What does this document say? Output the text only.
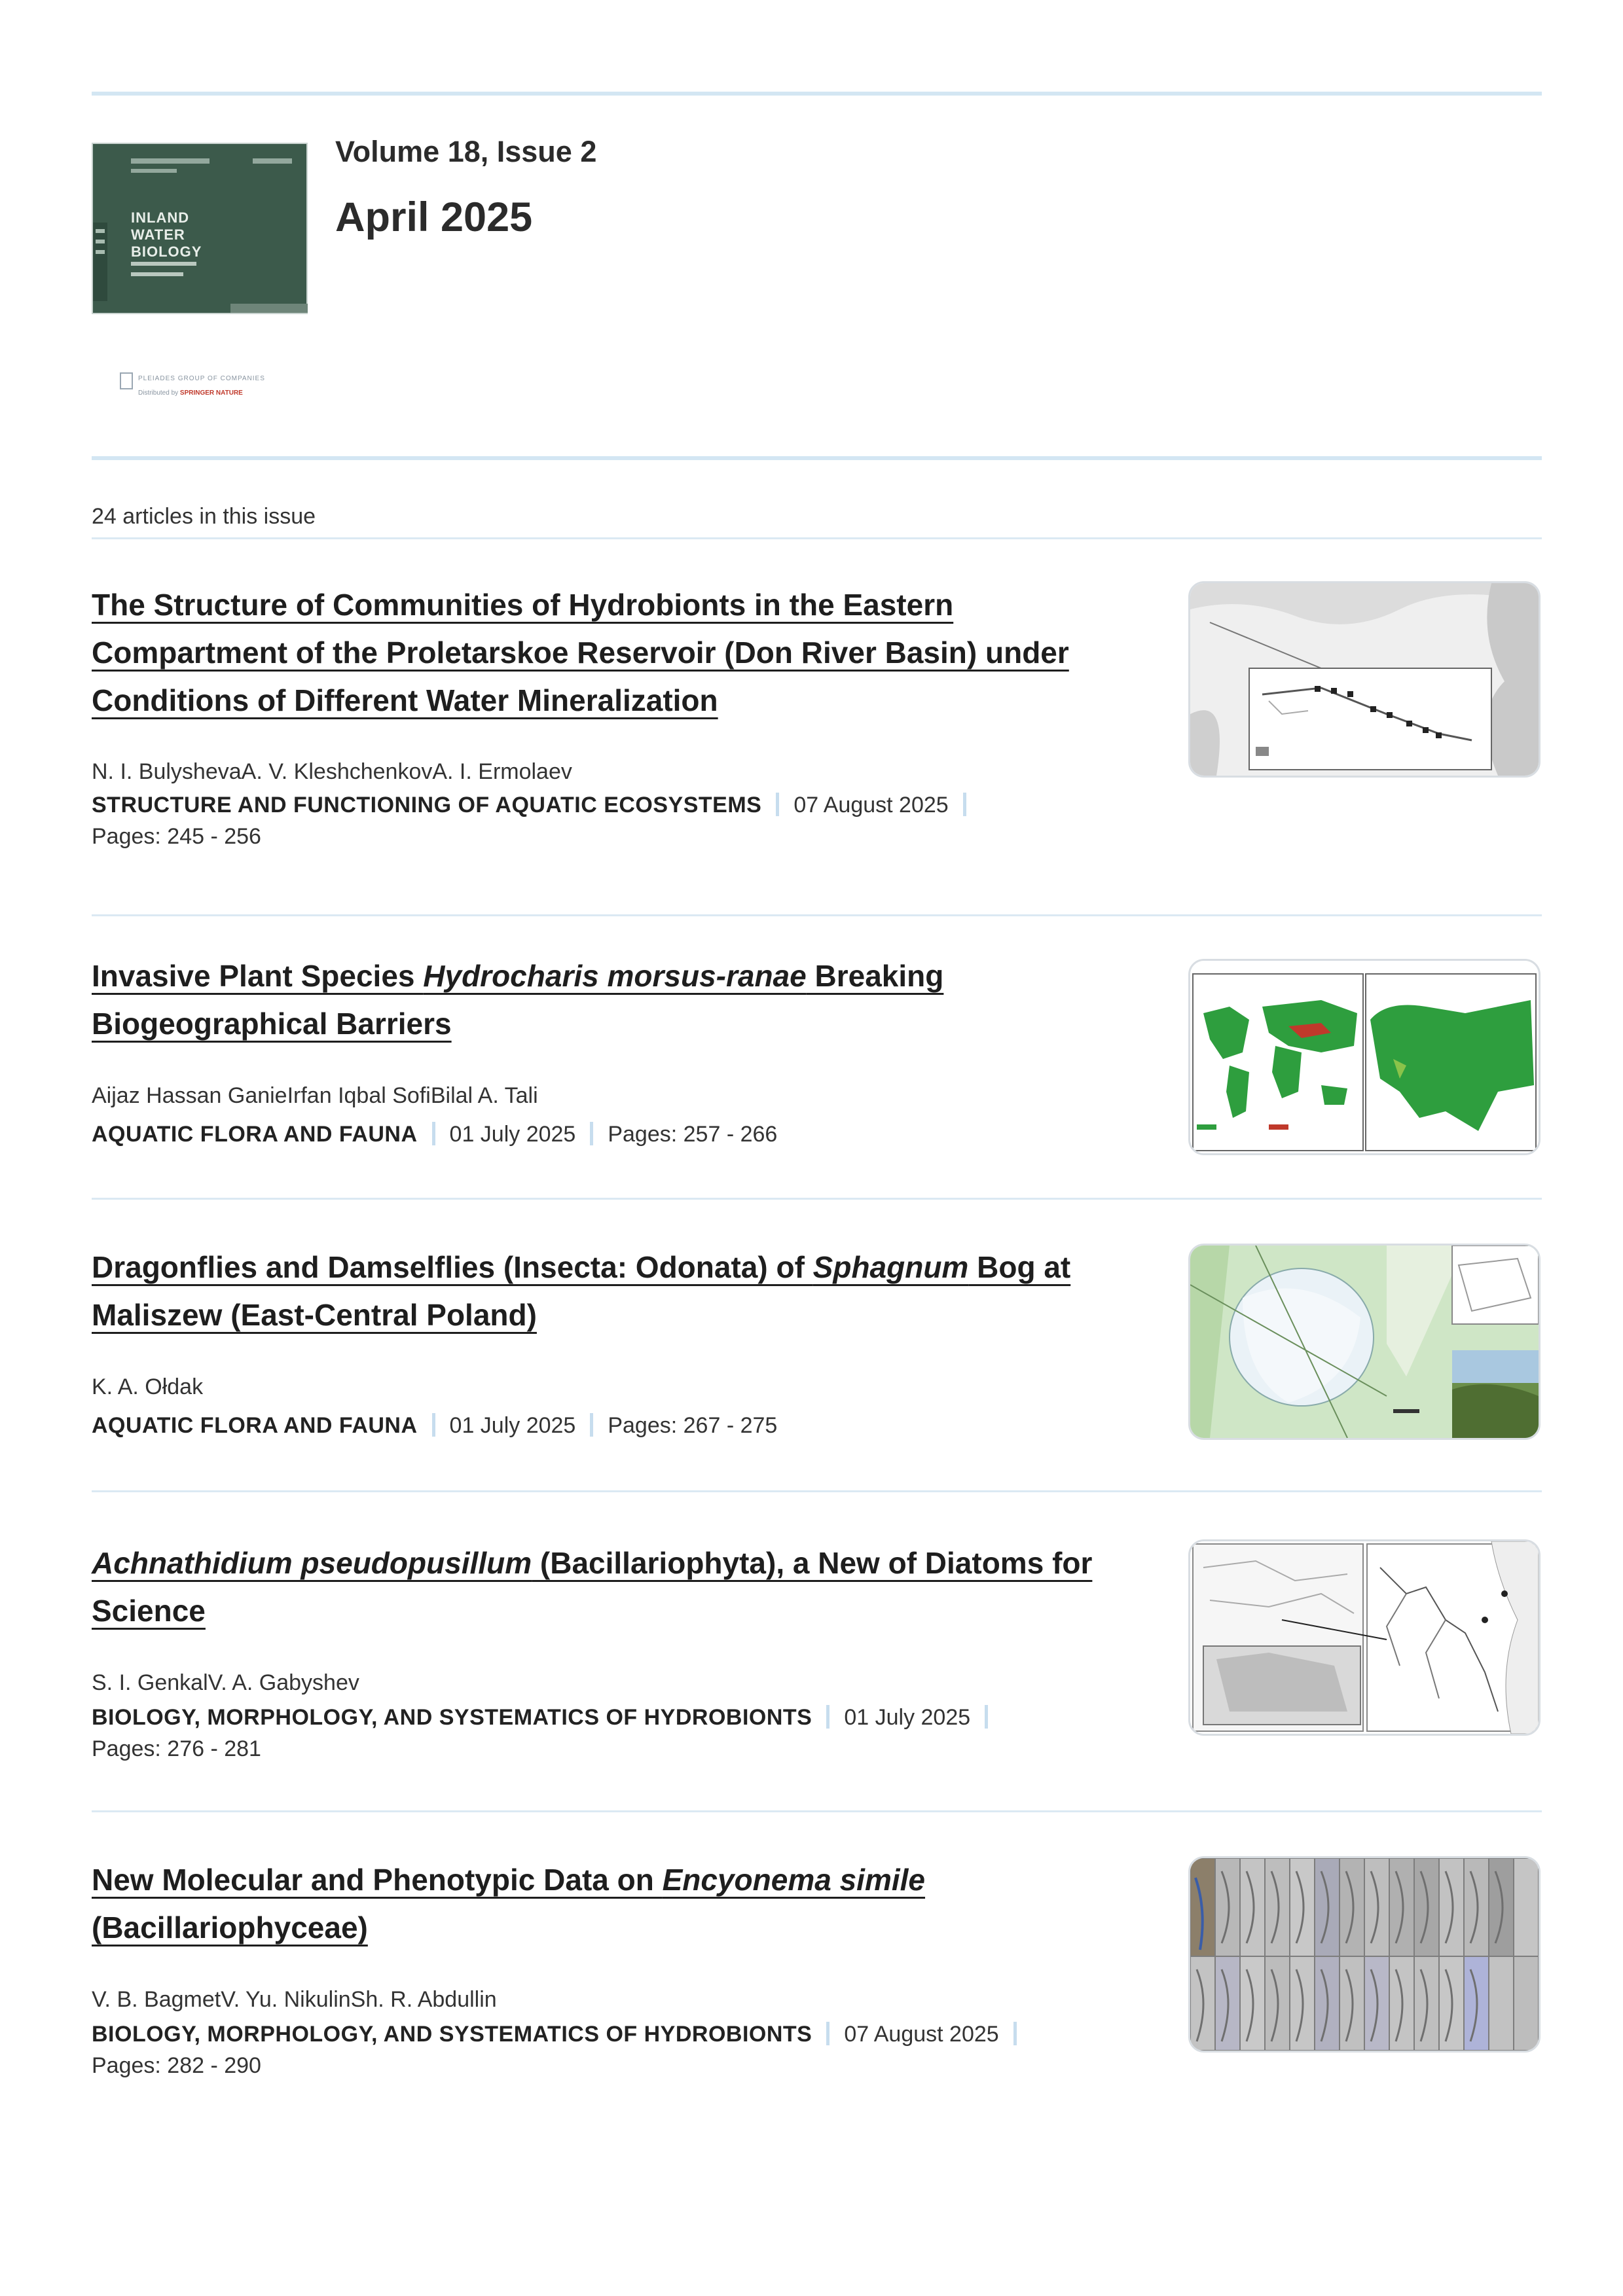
INLAND WATER BIOLOGY
PLEIADES GROUP OF COMPANIES
Distributed by SPRINGER NATURE
Volume 18, Issue 2
April 2025
24 articles in this issue
The Structure of Communities of Hydrobionts in the Eastern Compartment of the Proletarskoe Reservoir (Don River Basin) under Conditions of Different Water Mineralization
N. I. BulyshevaA. V. KleshchenkovA. I. Ermolaev
STRUCTURE AND FUNCTIONING OF AQUATIC ECOSYSTEMS 07 August 2025
Pages: 245 - 256
Invasive Plant Species Hydrocharis morsus-ranae Breaking Biogeographical Barriers
Aijaz Hassan GanieIrfan Iqbal SofiBilal A. Tali
AQUATIC FLORA AND FAUNA 01 July 2025 Pages: 257 - 266
Dragonflies and Damselflies (Insecta: Odonata) of Sphagnum Bog at Maliszew (East-Central Poland)
K. A. Ołdak
AQUATIC FLORA AND FAUNA 01 July 2025 Pages: 267 - 275
Achnathidium pseudopusillum (Bacillariophyta), a New of Diatoms for Science
S. I. GenkalV. A. Gabyshev
BIOLOGY, MORPHOLOGY, AND SYSTEMATICS OF HYDROBIONTS 01 July 2025
Pages: 276 - 281
New Molecular and Phenotypic Data on Encyonema simile (Bacillariophyceae)
V. B. BagmetV. Yu. NikulinSh. R. Abdullin
BIOLOGY, MORPHOLOGY, AND SYSTEMATICS OF HYDROBIONTS 07 August 2025
Pages: 282 - 290
